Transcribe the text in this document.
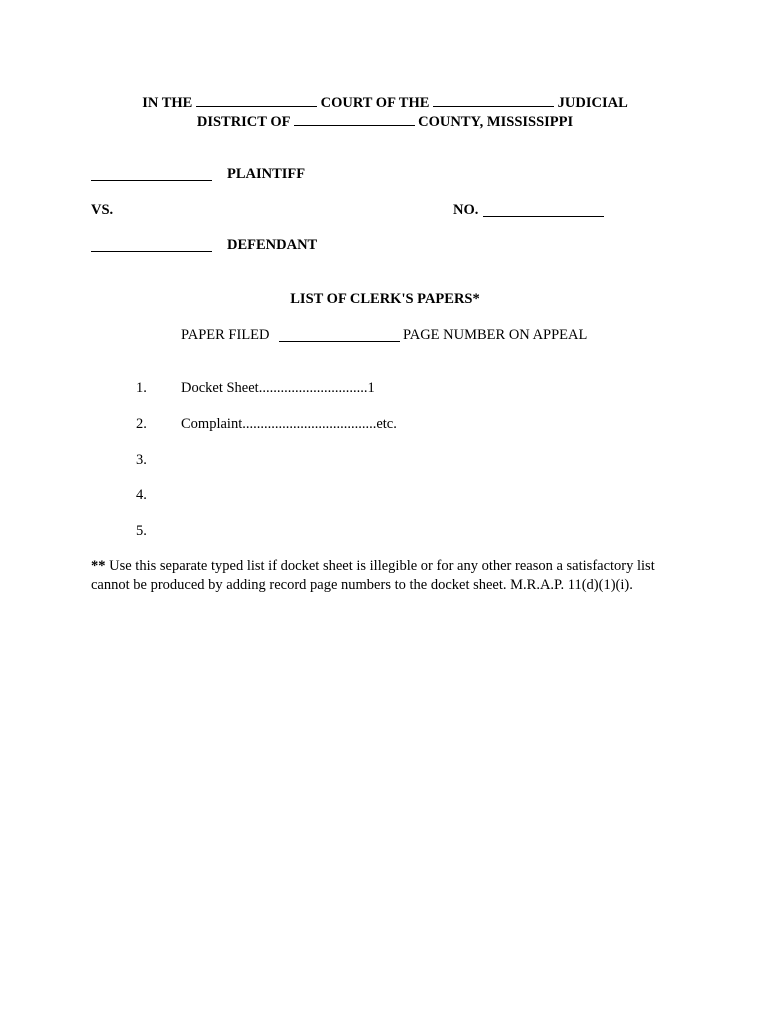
IN THE	COURT OF THE	JUDICIAL
DISTRICT OF	COUNTY, MISSISSIPPI
PLAINTIFF
VS.	NO.
DEFENDANT
LIST OF CLERK'S PAPERS*
PAPER FILED	PAGE NUMBER ON APPEAL
1. Docket Sheet..............................1
2. Complaint.....................................etc.
3.
4.
5.
** Use this separate typed list if docket sheet is illegible or for any other reason a satisfactory list cannot be produced by adding record page numbers to the docket sheet. M.R.A.P. 11(d)(1)(i).
